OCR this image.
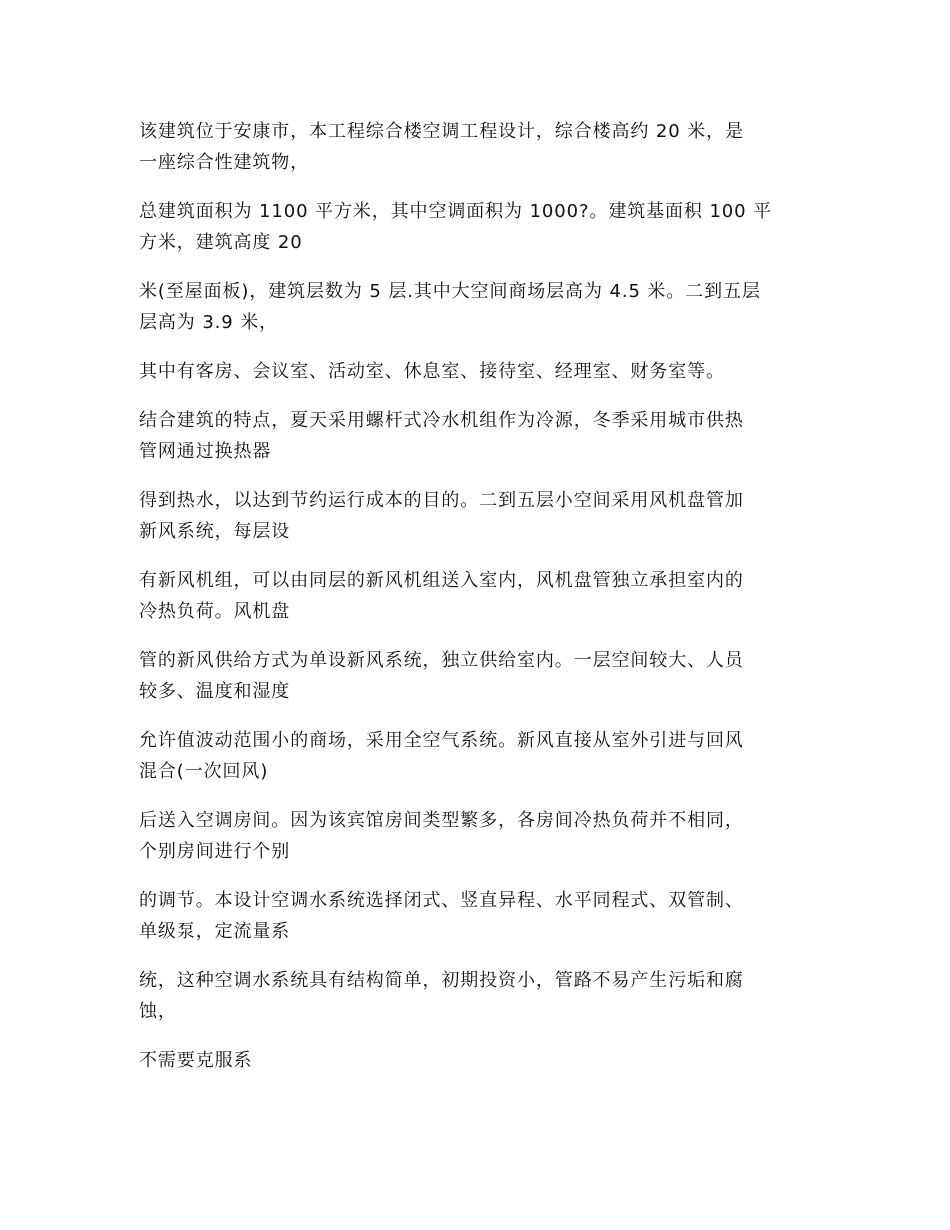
该建筑位于安康市，本工程综合楼空调工程设计，综合楼高约 20 米，是
一座综合性建筑物，

总建筑面积为 1100 平方米，其中空调面积为 1000?。建筑基面积 100 平
方米，建筑高度 20

米(至屋面板)，建筑层数为 5 层.其中大空间商场层高为 4.5 米。二到五层
层高为 3.9 米，

其中有客房、会议室、活动室、休息室、接待室、经理室、财务室等。

结合建筑的特点，夏天采用螺杆式冷水机组作为冷源，冬季采用城市供热
管网通过换热器

得到热水，以达到节约运行成本的目的。二到五层小空间采用风机盘管加
新风系统，每层设

有新风机组，可以由同层的新风机组送入室内，风机盘管独立承担室内的
冷热负荷。风机盘

管的新风供给方式为单设新风系统，独立供给室内。一层空间较大、人员
较多、温度和湿度

允许值波动范围小的商场，采用全空气系统。新风直接从室外引进与回风
混合(一次回风)

后送入空调房间。因为该宾馆房间类型繁多，各房间冷热负荷并不相同，
个别房间进行个别

的调节。本设计空调水系统选择闭式、竖直异程、水平同程式、双管制、
单级泵，定流量系

统，这种空调水系统具有结构简单，初期投资小，管路不易产生污垢和腐
蚀，

不需要克服系
